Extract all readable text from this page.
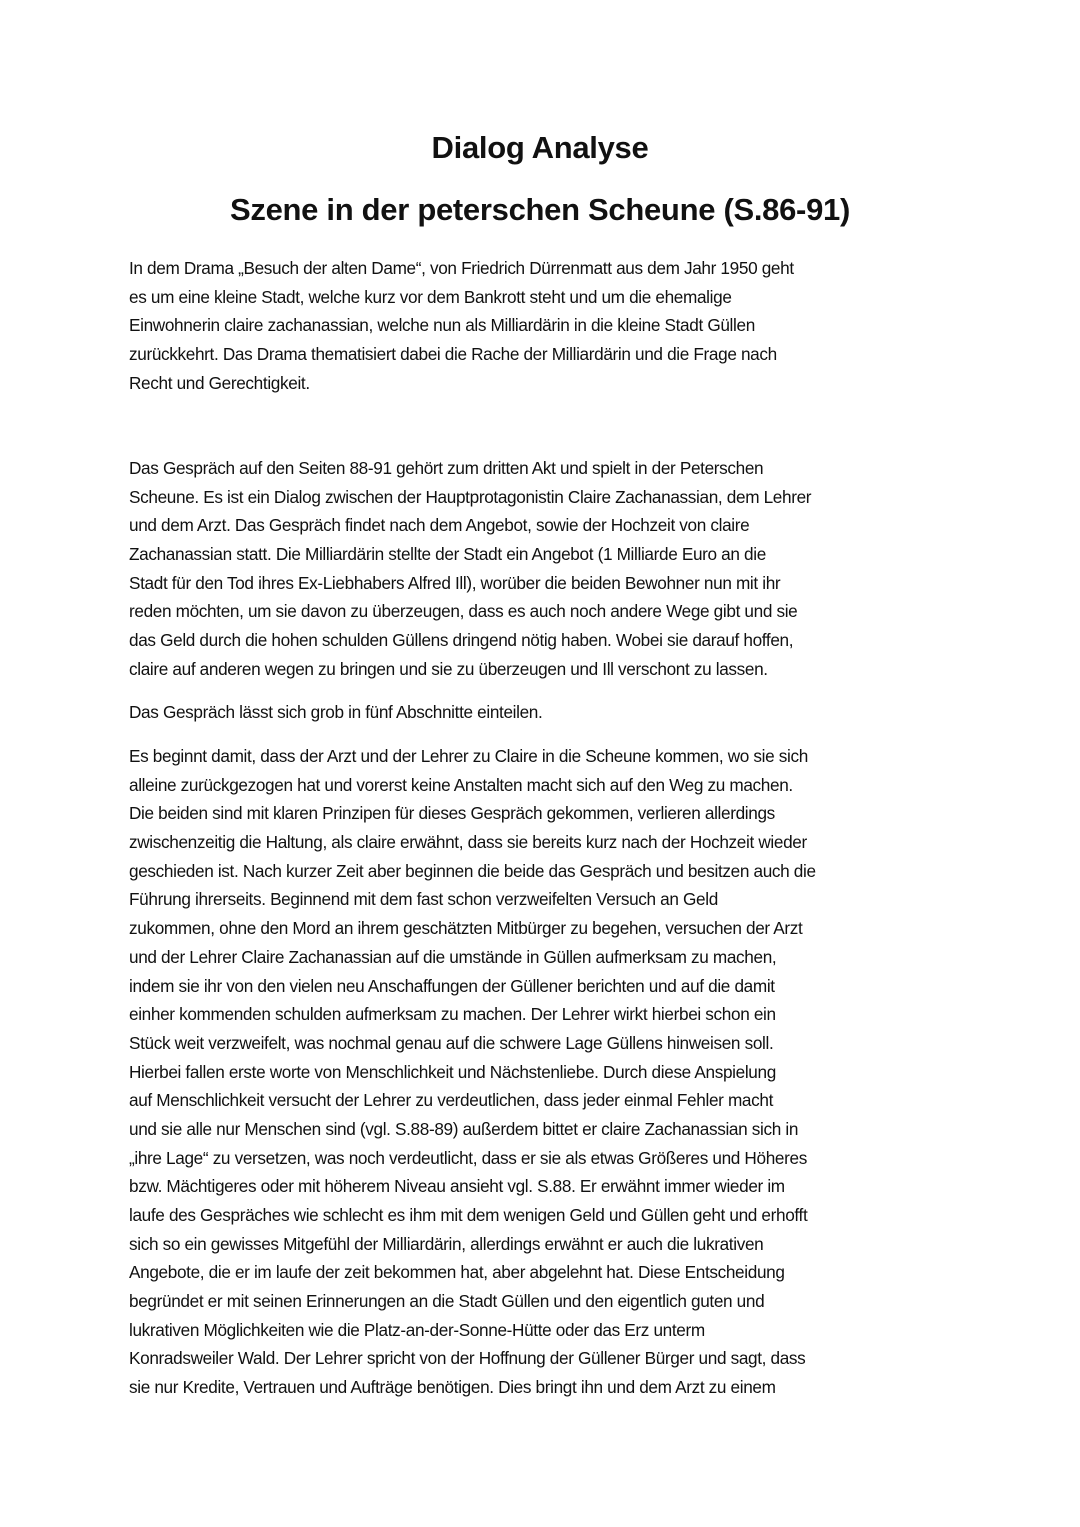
Dialog Analyse
Szene in der peterschen Scheune (S.86-91)
In dem Drama „Besuch der alten Dame“, von Friedrich Dürrenmatt aus dem Jahr 1950 geht
es um eine kleine Stadt, welche kurz vor dem Bankrott steht und um die ehemalige
Einwohnerin claire zachanassian, welche nun als Milliardärin in die kleine Stadt Güllen
zurückkehrt. Das Drama thematisiert dabei die Rache der Milliardärin und die Frage nach
Recht und Gerechtigkeit.
Das Gespräch auf den Seiten 88-91 gehört zum dritten Akt und spielt in der Peterschen
Scheune. Es ist ein Dialog zwischen der Hauptprotagonistin Claire Zachanassian, dem Lehrer
und dem Arzt. Das Gespräch findet nach dem Angebot, sowie der Hochzeit von claire
Zachanassian statt. Die Milliardärin stellte der Stadt ein Angebot (1 Milliarde Euro an die
Stadt für den Tod ihres Ex-Liebhabers Alfred Ill), worüber die beiden Bewohner nun mit ihr
reden möchten, um sie davon zu überzeugen, dass es auch noch andere Wege gibt und sie
das Geld durch die hohen schulden Güllens dringend nötig haben. Wobei sie darauf hoffen,
claire auf anderen wegen zu bringen und sie zu überzeugen und Ill verschont zu lassen.
Das Gespräch lässt sich grob in fünf Abschnitte einteilen.
Es beginnt damit, dass der Arzt und der Lehrer zu Claire in die Scheune kommen, wo sie sich
alleine zurückgezogen hat und vorerst keine Anstalten macht sich auf den Weg zu machen.
Die beiden sind mit klaren Prinzipen für dieses Gespräch gekommen, verlieren allerdings
zwischenzeitig die Haltung, als claire erwähnt, dass sie bereits kurz nach der Hochzeit wieder
geschieden ist. Nach kurzer Zeit aber beginnen die beide das Gespräch und besitzen auch die
Führung ihrerseits. Beginnend mit dem fast schon verzweifelten Versuch an Geld
zukommen, ohne den Mord an ihrem geschätzten Mitbürger zu begehen, versuchen der Arzt
und der Lehrer Claire Zachanassian auf die umstände in Güllen aufmerksam zu machen,
indem sie ihr von den vielen neu Anschaffungen der Güllener berichten und auf die damit
einher kommenden schulden aufmerksam zu machen. Der Lehrer wirkt hierbei schon ein
Stück weit verzweifelt, was nochmal genau auf die schwere Lage Güllens hinweisen soll.
Hierbei fallen erste worte von Menschlichkeit und Nächstenliebe. Durch diese Anspielung
auf Menschlichkeit versucht der Lehrer zu verdeutlichen, dass jeder einmal Fehler macht
und sie alle nur Menschen sind (vgl. S.88-89) außerdem bittet er claire Zachanassian sich in
„ihre Lage“ zu versetzen, was noch verdeutlicht, dass er sie als etwas Größeres und Höheres
bzw. Mächtigeres oder mit höherem Niveau ansieht vgl. S.88. Er erwähnt immer wieder im
laufe des Gespräches wie schlecht es ihm mit dem wenigen Geld und Güllen geht und erhofft
sich so ein gewisses Mitgefühl der Milliardärin, allerdings erwähnt er auch die lukrativen
Angebote, die er im laufe der zeit bekommen hat, aber abgelehnt hat. Diese Entscheidung
begründet er mit seinen Erinnerungen an die Stadt Güllen und den eigentlich guten und
lukrativen Möglichkeiten wie die Platz-an-der-Sonne-Hütte oder das Erz unterm
Konradsweiler Wald. Der Lehrer spricht von der Hoffnung der Güllener Bürger und sagt, dass
sie nur Kredite, Vertrauen und Aufträge benötigen. Dies bringt ihn und dem Arzt zu einem
